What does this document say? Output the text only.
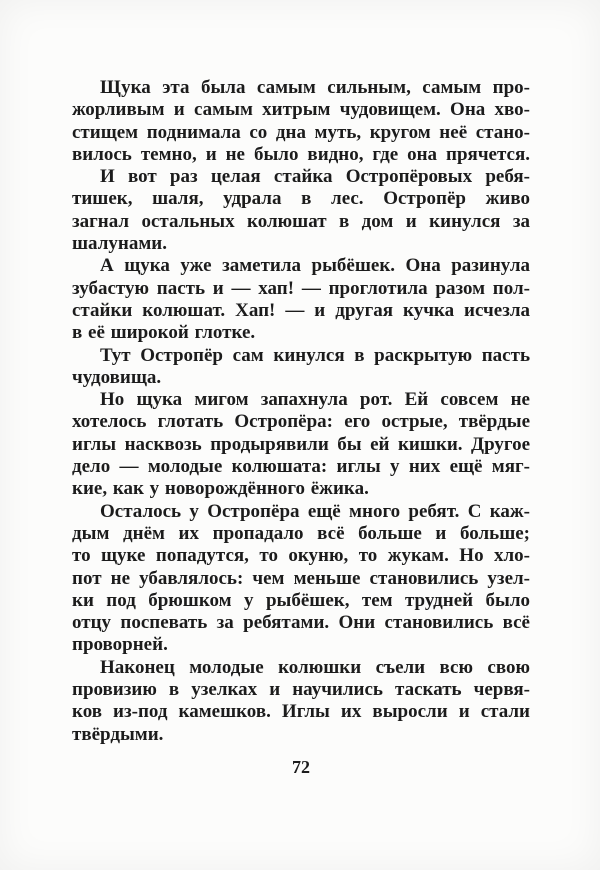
Щука эта была самым сильным, самым про-
жорливым и самым хитрым чудовищем. Она хво-
стищем поднимала со дна муть, кругом неё стано-
вилось темно, и не было видно, где она прячется.

И вот раз целая стайка Остропёровых ребя-
тишек, шаля, удрала в лес. Остропёр живо
загнал остальных колюшат в дом и кинулся за
шалунами.

А щука уже заметила рыбёшек. Она разинула
зубастую пасть и — хап! — проглотила разом пол-
стайки колюшат. Хап! — и другая кучка исчезла
в её широкой глотке.

Тут Остропёр сам кинулся в раскрытую пасть
чудовища.

Но щука мигом запахнула рот. Ей совсем не
хотелось глотать Остропёра: его острые, твёрдые
иглы насквозь продырявили бы ей кишки. Другое
дело — молодые колюшата: иглы у них ещё мяг-
кие, как у новорождённого ёжика.

Осталось у Остропёра ещё много ребят. С каж-
дым днём их пропадало всё больше и больше;
то щуке попадутся, то окуню, то жукам. Но хло-
пот не убавлялось: чем меньше становились узел-
ки под брюшком у рыбёшек, тем трудней было
отцу поспевать за ребятами. Они становились всё
проворней.

Наконец молодые колюшки съели всю свою
провизию в узелках и научились таскать червя-
ков из-под камешков. Иглы их выросли и стали
твёрдыми.

72
